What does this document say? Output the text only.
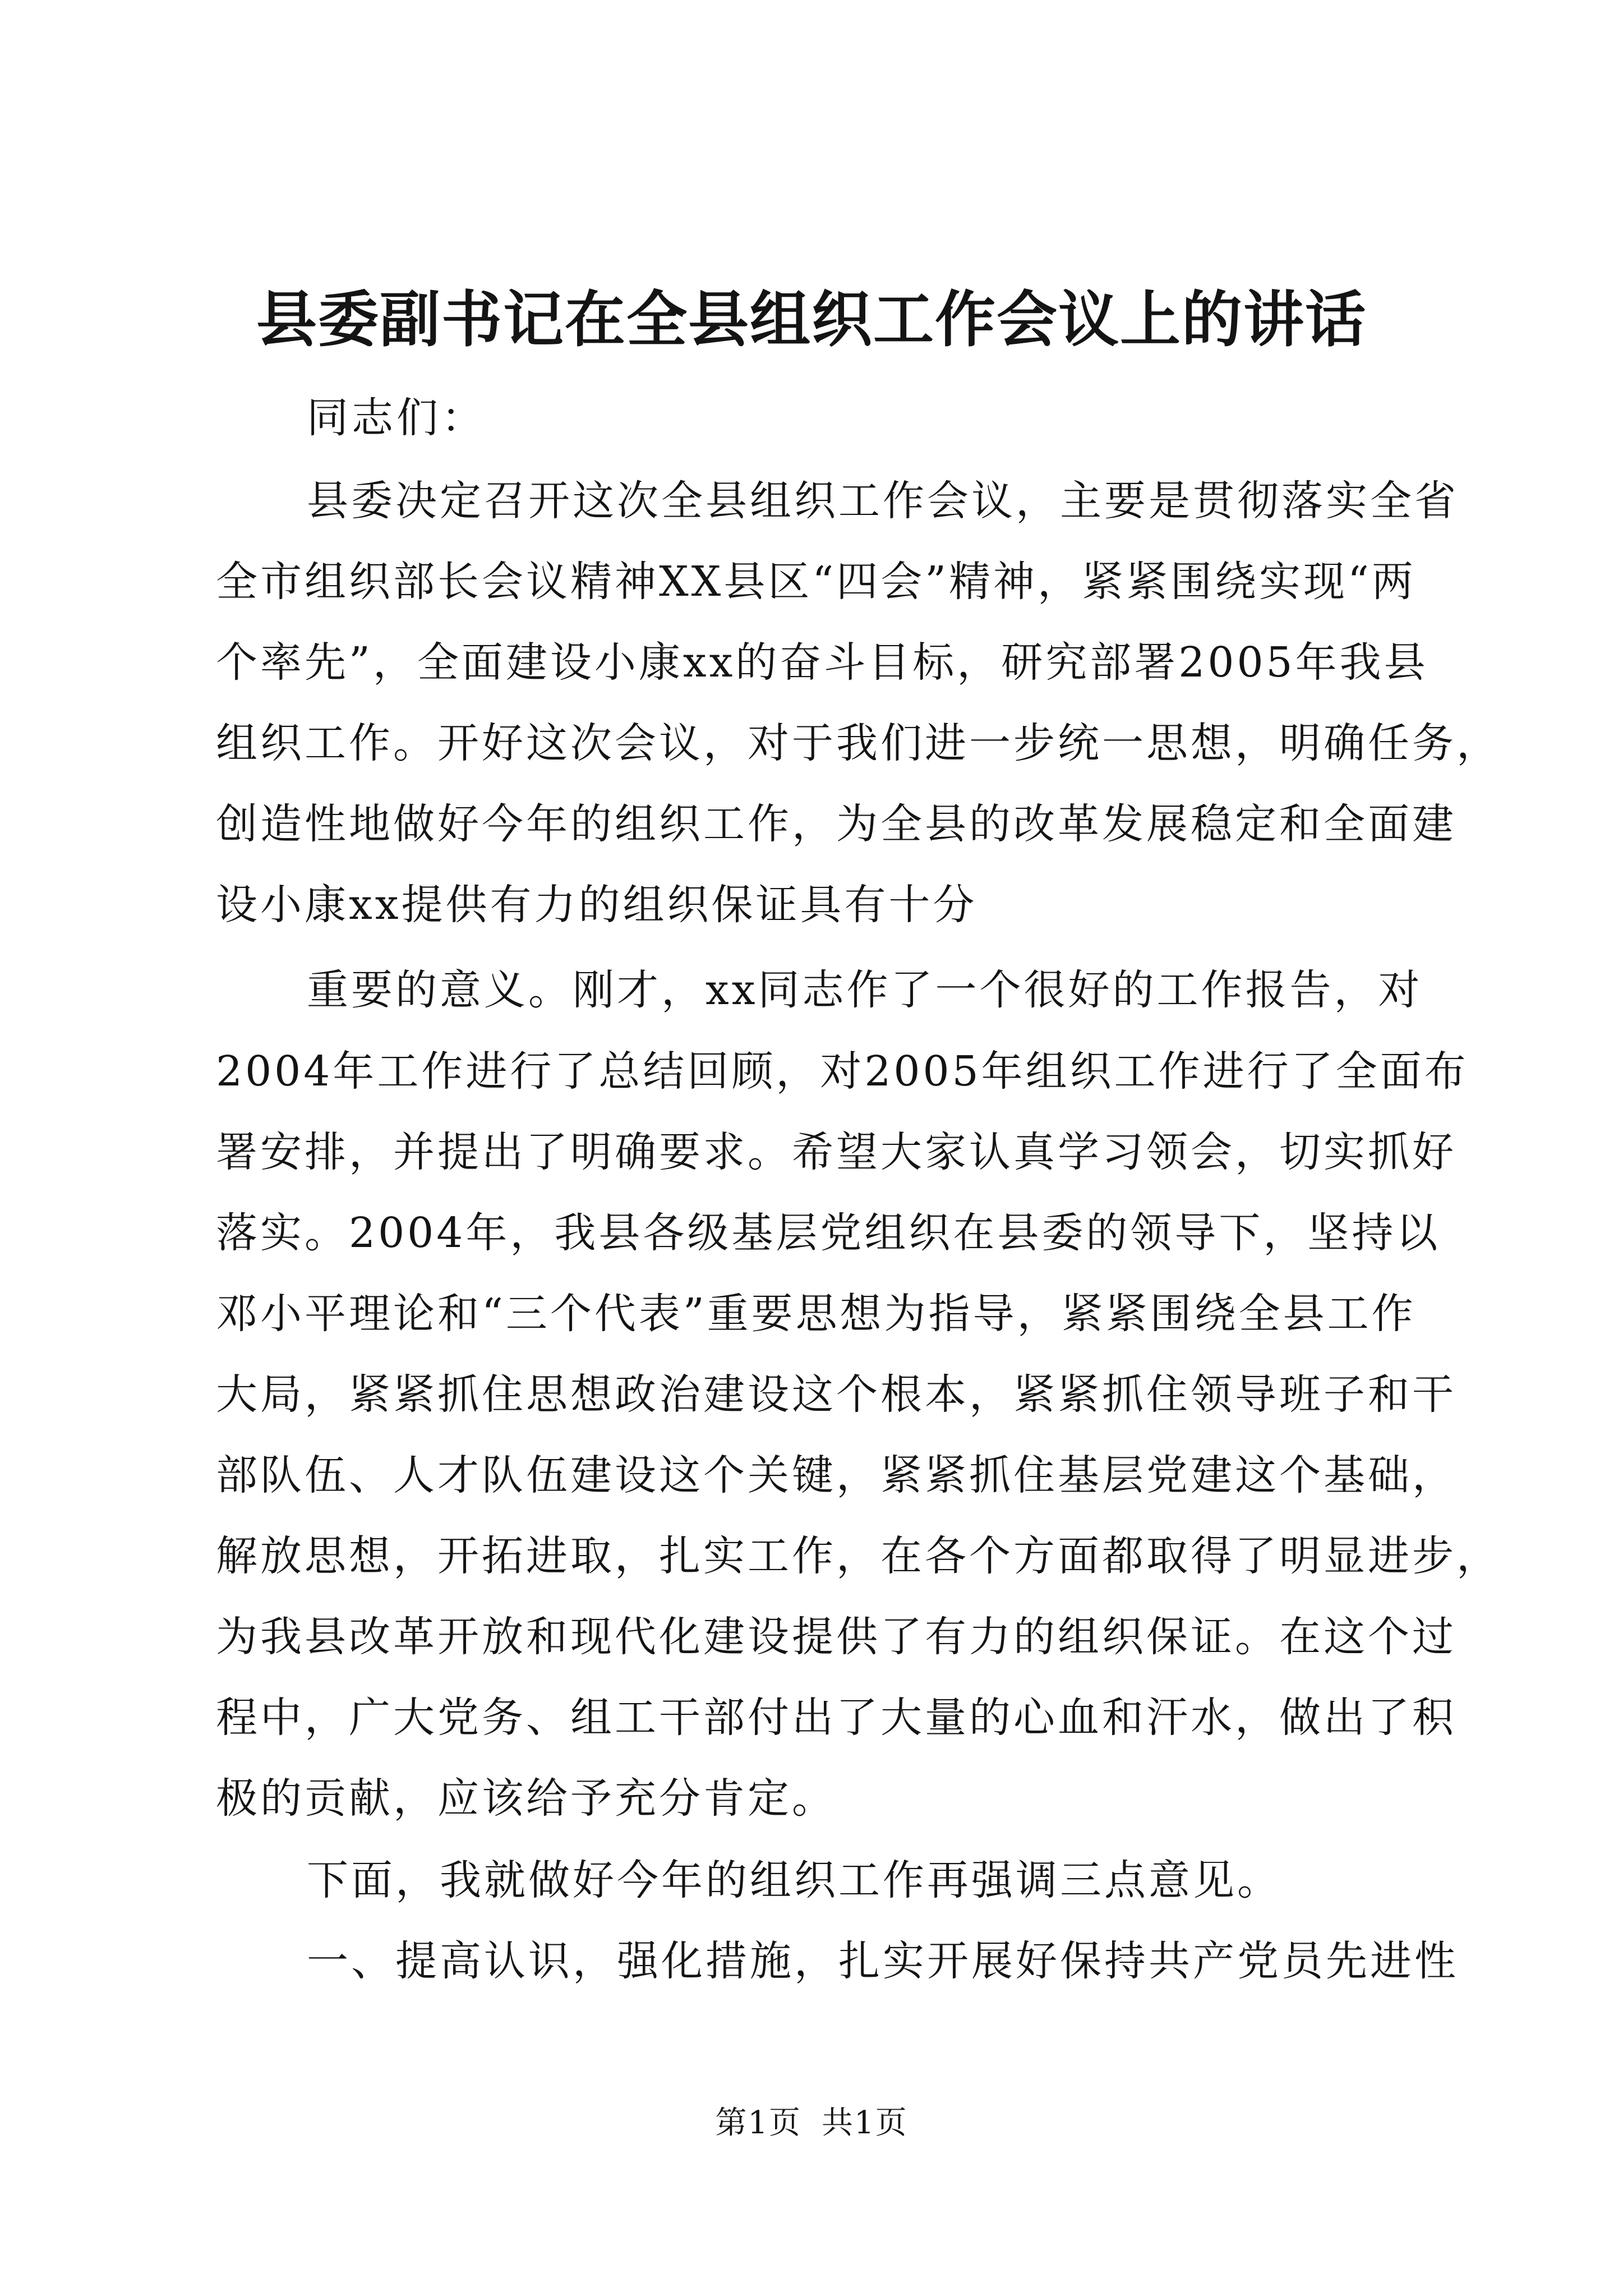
县委副书记在全县组织工作会议上的讲话

同志们：

县委决定召开这次全县组织工作会议，主要是贯彻落实全省

全市组织部长会议精神XX县区“四会”精神，紧紧围绕实现“两

个率先”，全面建设小康xx的奋斗目标，研究部署2005年我县

组织工作。开好这次会议，对于我们进一步统一思想，明确任务，

创造性地做好今年的组织工作，为全县的改革发展稳定和全面建

设小康xx提供有力的组织保证具有十分

重要的意义。刚才，xx同志作了一个很好的工作报告，对

2004年工作进行了总结回顾，对2005年组织工作进行了全面布

署安排，并提出了明确要求。希望大家认真学习领会，切实抓好

落实。2004年，我县各级基层党组织在县委的领导下，坚持以

邓小平理论和“三个代表”重要思想为指导，紧紧围绕全县工作

大局，紧紧抓住思想政治建设这个根本，紧紧抓住领导班子和干

部队伍、人才队伍建设这个关键，紧紧抓住基层党建这个基础，

解放思想，开拓进取，扎实工作，在各个方面都取得了明显进步，

为我县改革开放和现代化建设提供了有力的组织保证。在这个过

程中，广大党务、组工干部付出了大量的心血和汗水，做出了积

极的贡献，应该给予充分肯定。

下面，我就做好今年的组织工作再强调三点意见。

一、提高认识，强化措施，扎实开展好保持共产党员先进性

第1页 共1页
